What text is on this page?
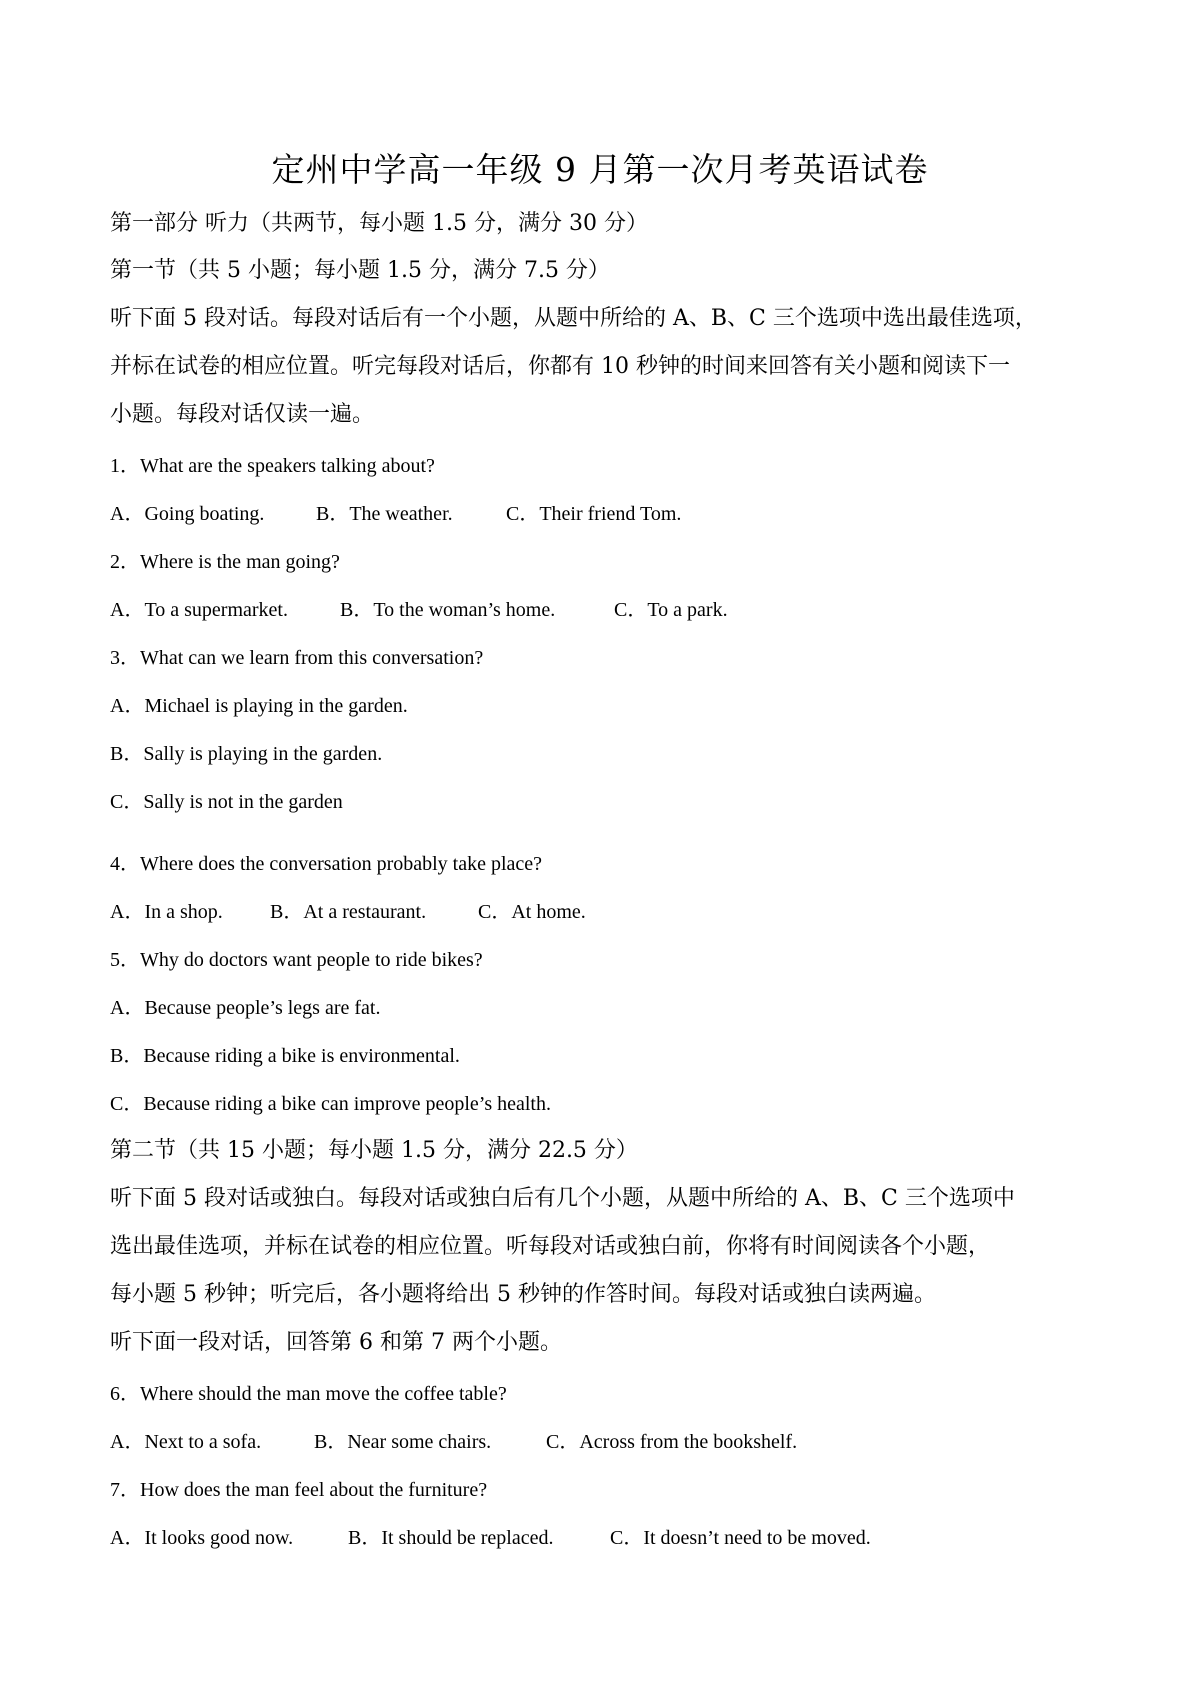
定州中学高一年级 9 月第一次月考英语试卷
第一部分 听力（共两节，每小题 1.5 分，满分 30 分）
第一节（共 5 小题；每小题 1.5 分，满分 7.5 分）
听下面 5 段对话。每段对话后有一个小题，从题中所给的 A、B、C 三个选项中选出最佳选项，
并标在试卷的相应位置。听完每段对话后，你都有 10 秒钟的时间来回答有关小题和阅读下一
小题。每段对话仅读一遍。
1．What are the speakers talking about?
A．Going boating.	B．The weather.	C．Their friend Tom.
2．Where is the man going?
A．To a supermarket.	B．To the woman’s home.	C．To a park.
3．What can we learn from this conversation?
A．Michael is playing in the garden.
B．Sally is playing in the garden.
C．Sally is not in the garden
4．Where does the conversation probably take place?
A．In a shop. B．At a restaurant.	C．At home.
5．Why do doctors want people to ride bikes?
A．Because people’s legs are fat.
B．Because riding a bike is environmental.
C．Because riding a bike can improve people’s health.
第二节（共 15 小题；每小题 1.5 分，满分 22.5 分）
听下面 5 段对话或独白。每段对话或独白后有几个小题，从题中所给的 A、B、C 三个选项中
选出最佳选项，并标在试卷的相应位置。听每段对话或独白前，你将有时间阅读各个小题，
每小题 5 秒钟；听完后，各小题将给出 5 秒钟的作答时间。每段对话或独白读两遍。
听下面一段对话，回答第 6 和第 7 两个小题。
6．Where should the man move the coffee table?
A．Next to a sofa.	B．Near some chairs.	C．Across from the bookshelf.
7．How does the man feel about the furniture?
A．It looks good now.	B．It should be replaced.	C．It doesn’t need to be moved.
